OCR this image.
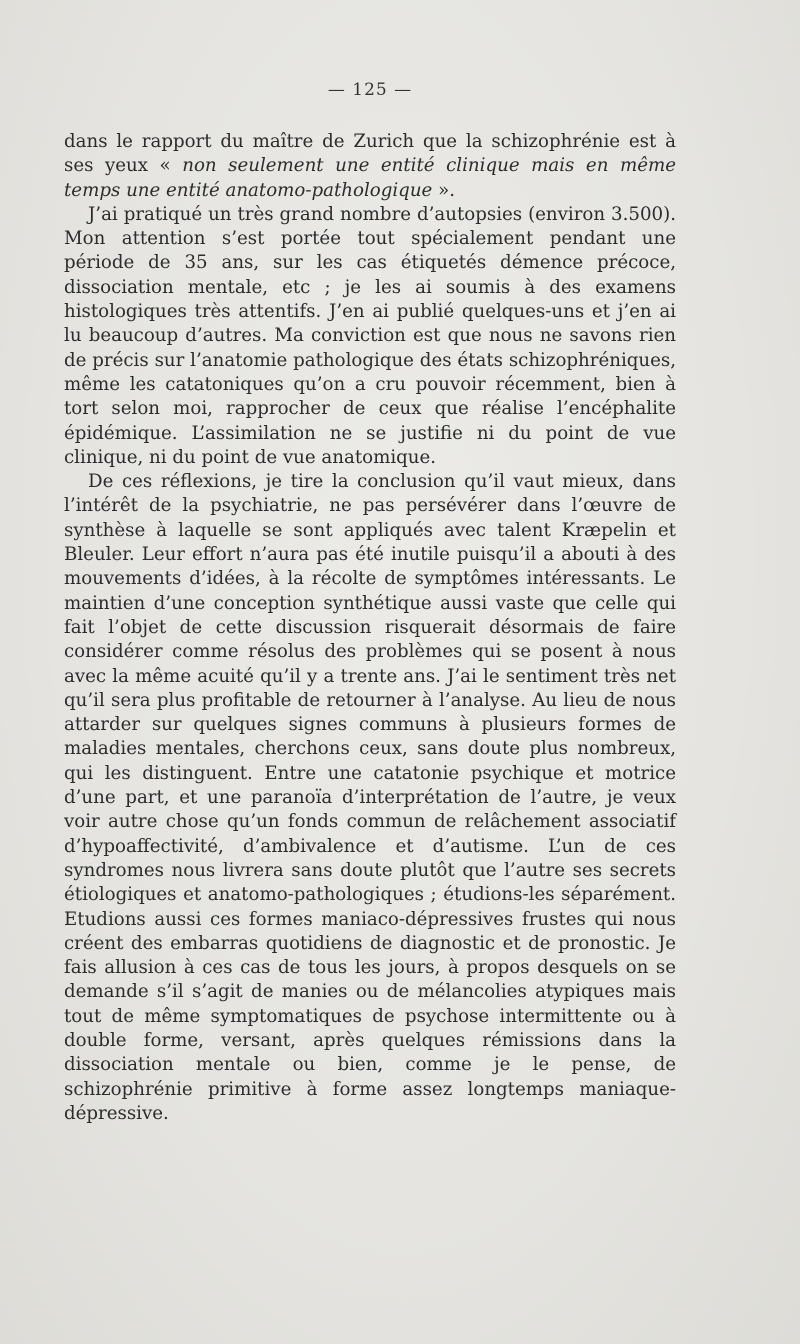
— 125 —

dans le rapport du maître de Zurich que la schizophrénie est à ses yeux « non seulement une entité clinique mais en même temps une entité anatomo-pathologique ».

J’ai pratiqué un très grand nombre d’autopsies (environ 3.500). Mon attention s’est portée tout spécialement pendant une période de 35 ans, sur les cas étiquetés démence précoce, dissociation mentale, etc ; je les ai soumis à des examens histologiques très attentifs. J’en ai publié quelques-uns et j’en ai lu beaucoup d’autres. Ma conviction est que nous ne savons rien de précis sur l’anatomie pathologique des états schizophréniques, même les catatoniques qu’on a cru pouvoir récemment, bien à tort selon moi, rapprocher de ceux que réalise l’encéphalite épidémique. L’assimilation ne se justifie ni du point de vue clinique, ni du point de vue anatomique.

De ces réflexions, je tire la conclusion qu’il vaut mieux, dans l’intérêt de la psychiatrie, ne pas persévérer dans l’œuvre de synthèse à laquelle se sont appliqués avec talent Kræpelin et Bleuler. Leur effort n’aura pas été inutile puisqu’il a abouti à des mouvements d’idées, à la récolte de symptômes intéressants. Le maintien d’une conception synthétique aussi vaste que celle qui fait l’objet de cette discussion risquerait désormais de faire considérer comme résolus des problèmes qui se posent à nous avec la même acuité qu’il y a trente ans. J’ai le sentiment très net qu’il sera plus profitable de retourner à l’analyse. Au lieu de nous attarder sur quelques signes communs à plusieurs formes de maladies mentales, cherchons ceux, sans doute plus nombreux, qui les distinguent. Entre une catatonie psychique et motrice d’une part, et une paranoïa d’interprétation de l’autre, je veux voir autre chose qu’un fonds commun de relâchement associatif d’hypoaffectivité, d’ambivalence et d’autisme. L’un de ces syndromes nous livrera sans doute plutôt que l’autre ses secrets étiologiques et anatomo-pathologiques ; étudions-les séparément. Etudions aussi ces formes maniaco-dépressives frustes qui nous créent des embarras quotidiens de diagnostic et de pronostic. Je fais allusion à ces cas de tous les jours, à propos desquels on se demande s’il s’agit de manies ou de mélancolies atypiques mais tout de même symptomatiques de psychose intermittente ou à double forme, versant, après quelques rémissions dans la dissociation mentale ou bien, comme je le pense, de schizophrénie primitive à forme assez longtemps maniaque-dépressive.
